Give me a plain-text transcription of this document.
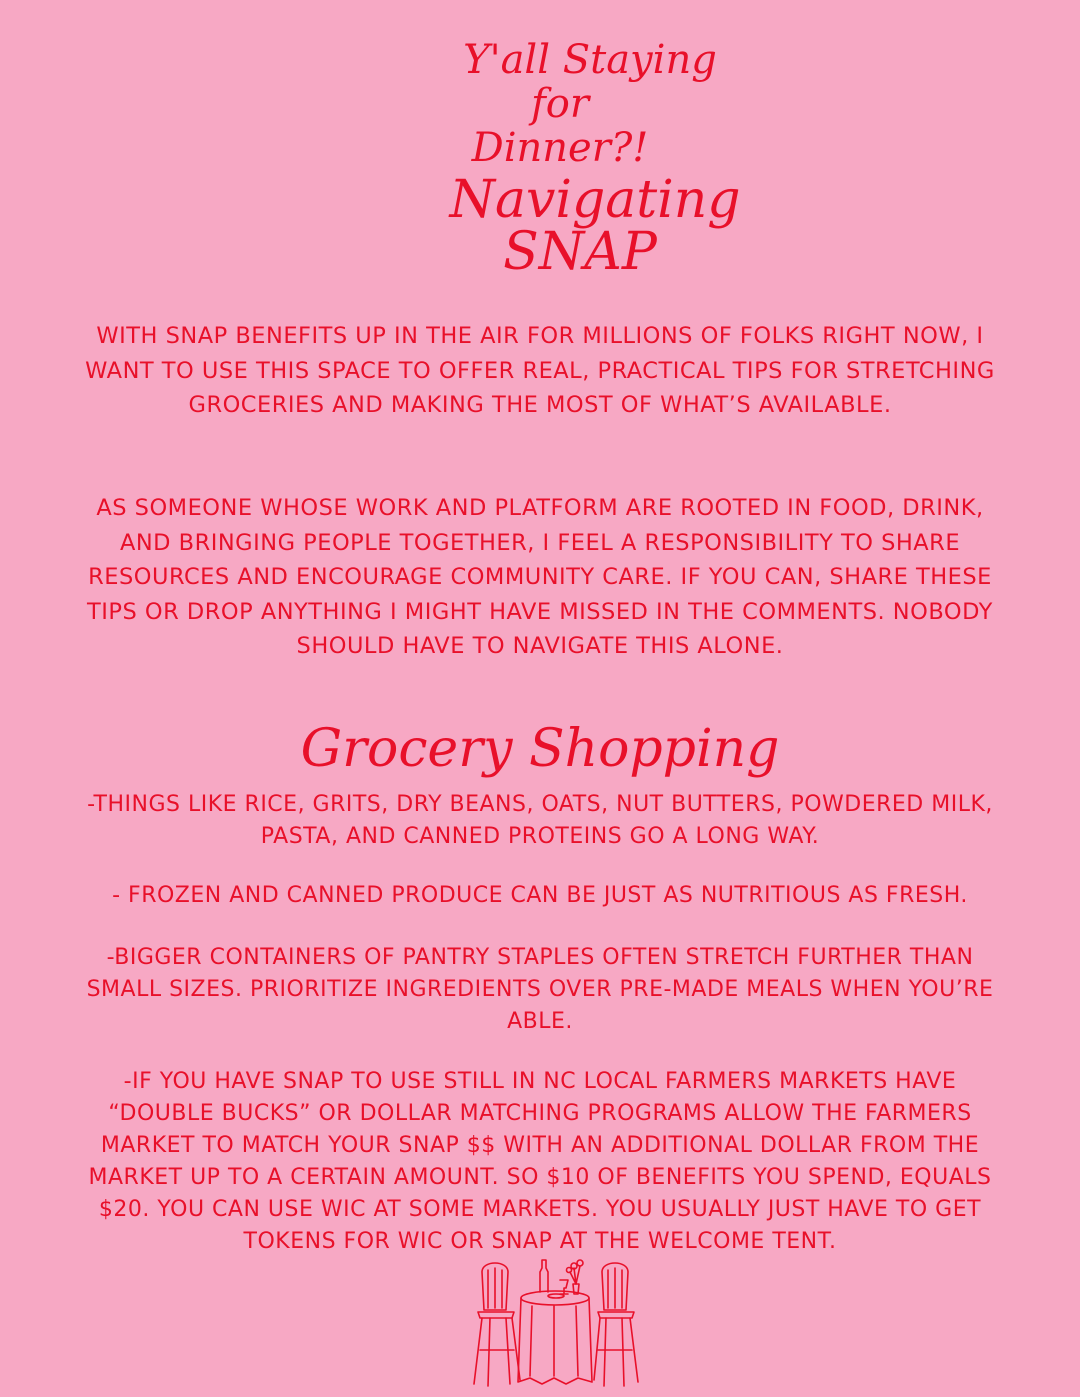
Y'all Staying
for
Dinner?!
Navigating
SNAP

WITH SNAP BENEFITS UP IN THE AIR FOR MILLIONS OF FOLKS RIGHT NOW, I WANT TO USE THIS SPACE TO OFFER REAL, PRACTICAL TIPS FOR STRETCHING GROCERIES AND MAKING THE MOST OF WHAT’S AVAILABLE.

AS SOMEONE WHOSE WORK AND PLATFORM ARE ROOTED IN FOOD, DRINK, AND BRINGING PEOPLE TOGETHER, I FEEL A RESPONSIBILITY TO SHARE RESOURCES AND ENCOURAGE COMMUNITY CARE. IF YOU CAN, SHARE THESE TIPS OR DROP ANYTHING I MIGHT HAVE MISSED IN THE COMMENTS. NOBODY SHOULD HAVE TO NAVIGATE THIS ALONE.

Grocery Shopping

-THINGS LIKE RICE, GRITS, DRY BEANS, OATS, NUT BUTTERS, POWDERED MILK, PASTA, AND CANNED PROTEINS GO A LONG WAY.

- FROZEN AND CANNED PRODUCE CAN BE JUST AS NUTRITIOUS AS FRESH.

-BIGGER CONTAINERS OF PANTRY STAPLES OFTEN STRETCH FURTHER THAN SMALL SIZES. PRIORITIZE INGREDIENTS OVER PRE-MADE MEALS WHEN YOU’RE ABLE.

-IF YOU HAVE SNAP TO USE STILL IN NC LOCAL FARMERS MARKETS HAVE “DOUBLE BUCKS” OR DOLLAR MATCHING PROGRAMS ALLOW THE FARMERS MARKET TO MATCH YOUR SNAP $$ WITH AN ADDITIONAL DOLLAR FROM THE MARKET UP TO A CERTAIN AMOUNT. SO $10 OF BENEFITS YOU SPEND, EQUALS $20. YOU CAN USE WIC AT SOME MARKETS. YOU USUALLY JUST HAVE TO GET TOKENS FOR WIC OR SNAP AT THE WELCOME TENT.
